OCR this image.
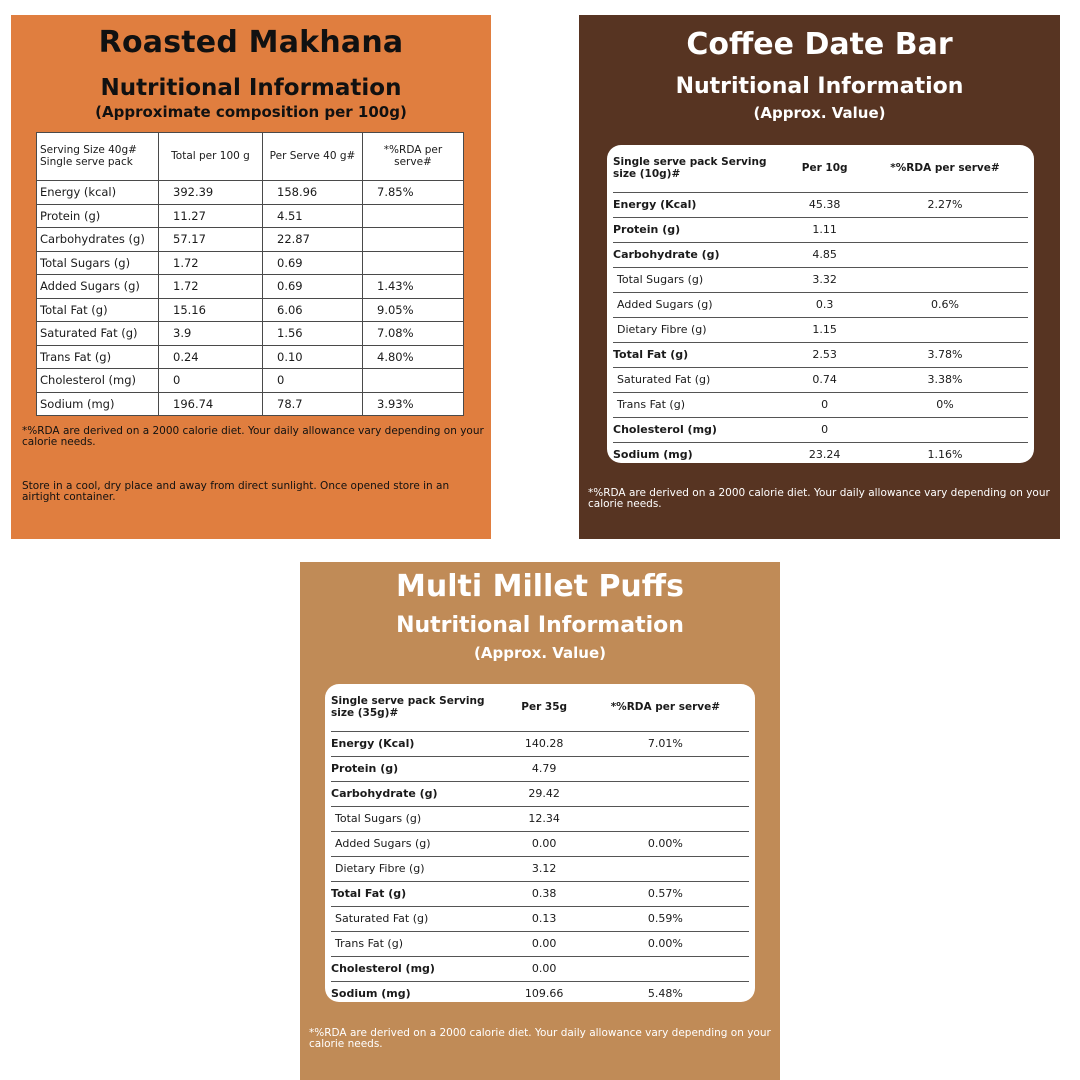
Roasted Makhana
Nutritional Information
(Approximate composition per 100g)
Serving Size 40g# Single serve pack	Total per 100 g	Per Serve 40 g#	*%RDA per serve#
Energy (kcal)	392.39	158.96	7.85%
Protein (g)	11.27	4.51	
Carbohydrates (g)	57.17	22.87	
Total Sugars (g)	1.72	0.69	
Added Sugars (g)	1.72	0.69	1.43%
Total Fat (g)	15.16	6.06	9.05%
Saturated Fat (g)	3.9	1.56	7.08%
Trans Fat (g)	0.24	0.10	4.80%
Cholesterol (mg)	0	0	
Sodium (mg)	196.74	78.7	3.93%
*%RDA are derived on a 2000 calorie diet. Your daily allowance vary depending on your calorie needs.
Store in a cool, dry place and away from direct sunlight. Once opened store in an airtight container.
Coffee Date Bar
Nutritional Information
(Approx. Value)
Single serve pack Serving size (10g)#	Per 10g	*%RDA per serve#
Energy (Kcal)	45.38	2.27%
Protein (g)	1.11	
Carbohydrate (g)	4.85	
Total Sugars (g)	3.32	
Added Sugars (g)	0.3	0.6%
Dietary Fibre (g)	1.15	
Total Fat (g)	2.53	3.78%
Saturated Fat (g)	0.74	3.38%
Trans Fat (g)	0	0%
Cholesterol (mg)	0	
Sodium (mg)	23.24	1.16%
*%RDA are derived on a 2000 calorie diet. Your daily allowance vary depending on your calorie needs.
Multi Millet Puffs
Nutritional Information
(Approx. Value)
Single serve pack Serving size (35g)#	Per 35g	*%RDA per serve#
Energy (Kcal)	140.28	7.01%
Protein (g)	4.79	
Carbohydrate (g)	29.42	
Total Sugars (g)	12.34	
Added Sugars (g)	0.00	0.00%
Dietary Fibre (g)	3.12	
Total Fat (g)	0.38	0.57%
Saturated Fat (g)	0.13	0.59%
Trans Fat (g)	0.00	0.00%
Cholesterol (mg)	0.00	
Sodium (mg)	109.66	5.48%
*%RDA are derived on a 2000 calorie diet. Your daily allowance vary depending on your calorie needs.
